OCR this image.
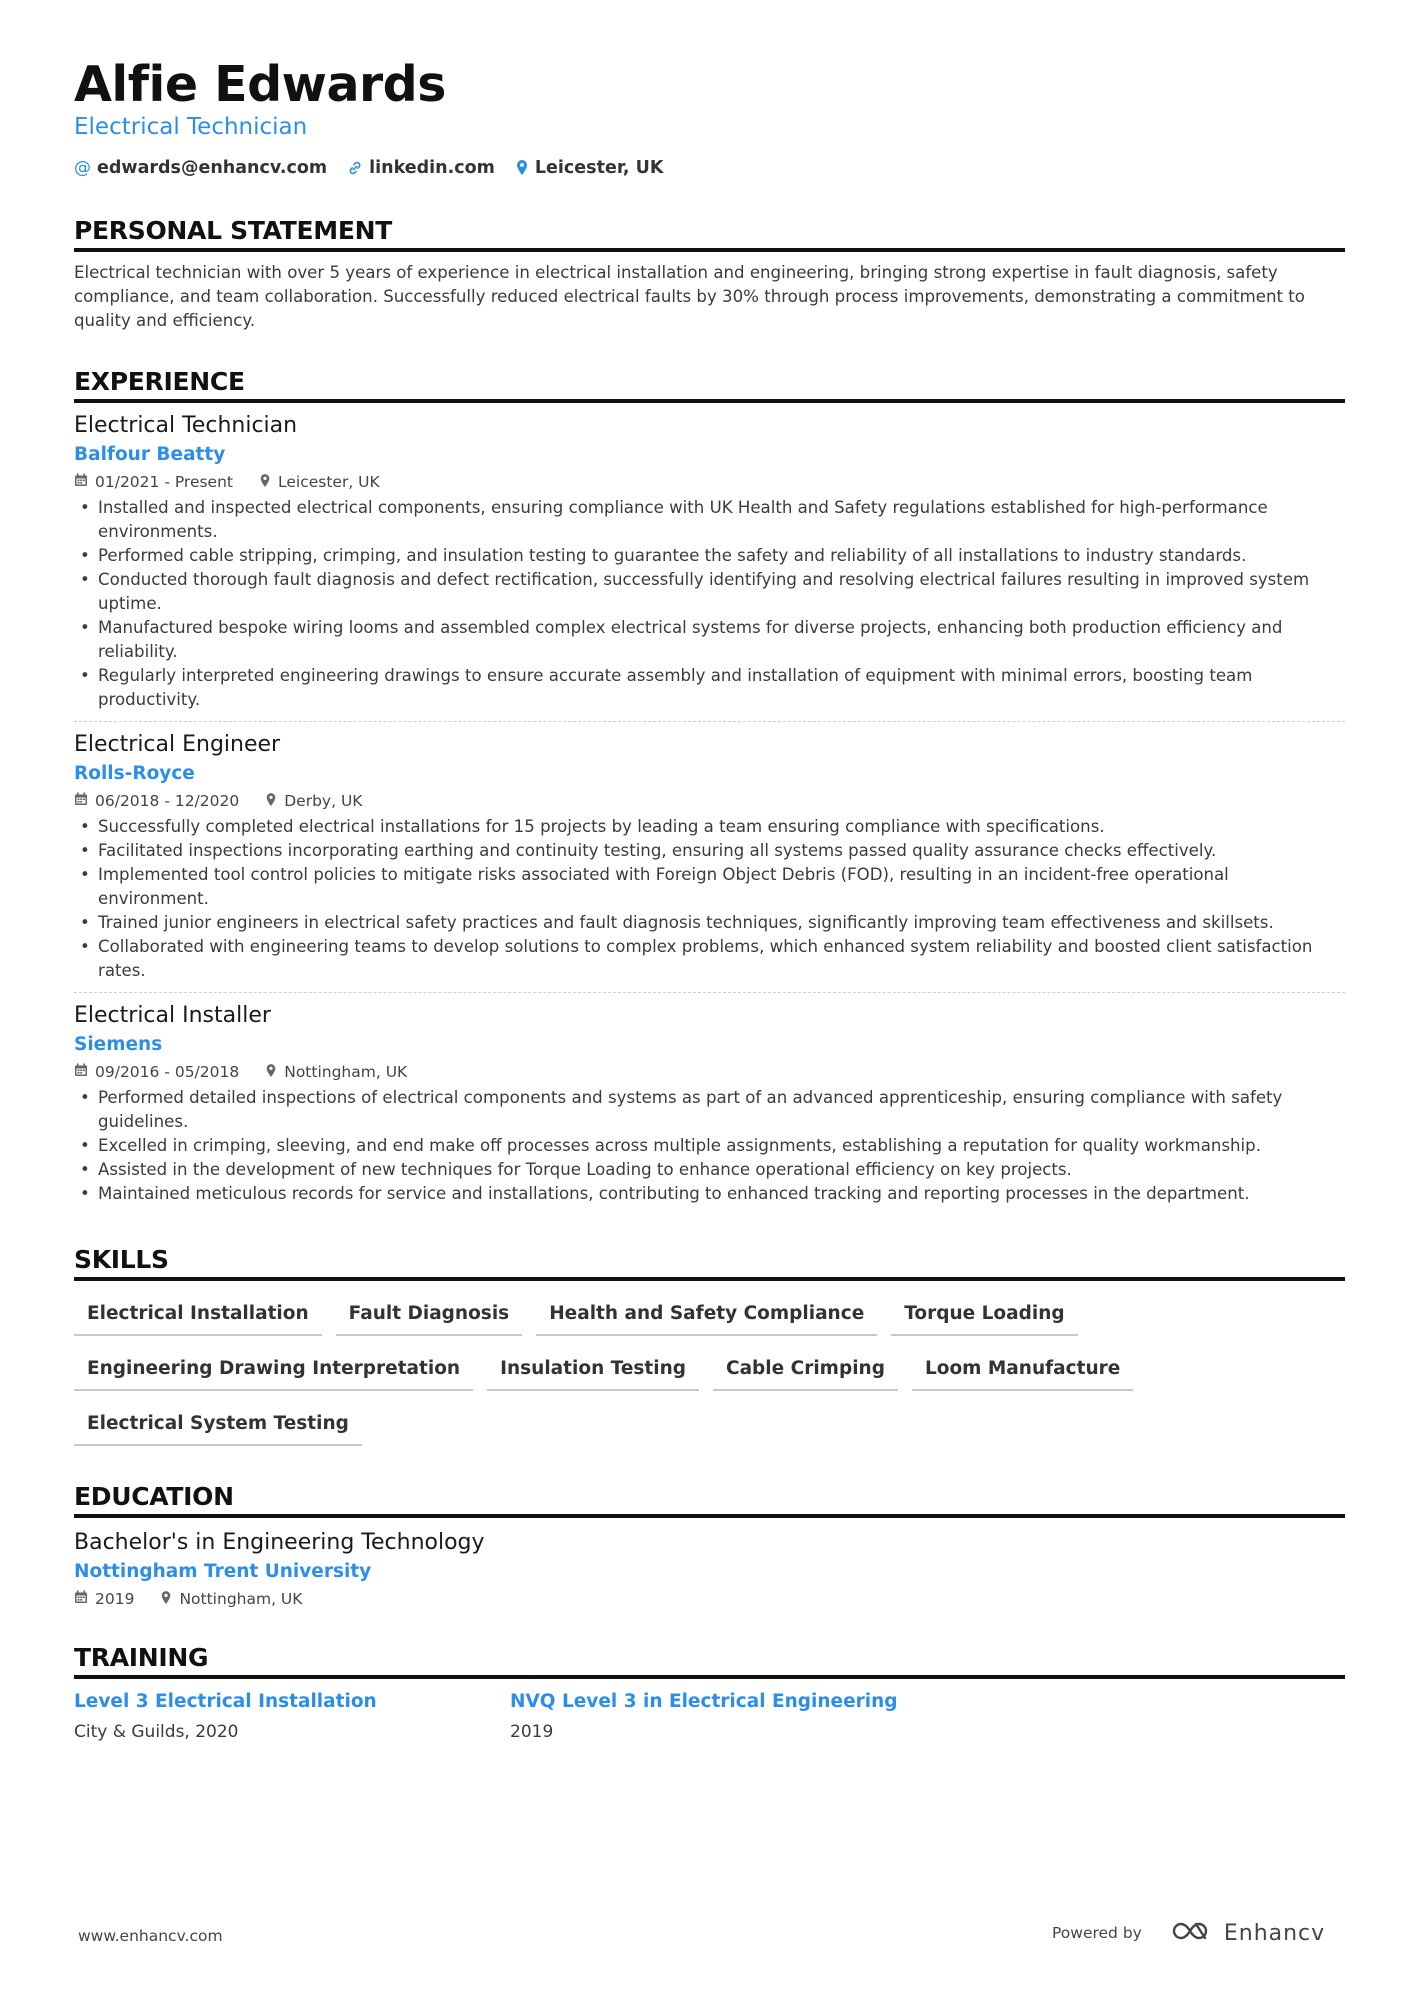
Alfie Edwards
Electrical Technician
@ edwards@enhancv.com linkedin.com Leicester, UK
PERSONAL STATEMENT
Electrical technician with over 5 years of experience in electrical installation and engineering, bringing strong expertise in fault diagnosis, safety compliance, and team collaboration. Successfully reduced electrical faults by 30% through process improvements, demonstrating a commitment to quality and efficiency.
EXPERIENCE
Electrical Technician
Balfour Beatty
01/2021 - Present	Leicester, UK
• Installed and inspected electrical components, ensuring compliance with UK Health and Safety regulations established for high-performance environments.
• Performed cable stripping, crimping, and insulation testing to guarantee the safety and reliability of all installations to industry standards.
• Conducted thorough fault diagnosis and defect rectification, successfully identifying and resolving electrical failures resulting in improved system uptime.
• Manufactured bespoke wiring looms and assembled complex electrical systems for diverse projects, enhancing both production efficiency and reliability.
• Regularly interpreted engineering drawings to ensure accurate assembly and installation of equipment with minimal errors, boosting team productivity.
Electrical Engineer
Rolls-Royce
06/2018 - 12/2020	Derby, UK
• Successfully completed electrical installations for 15 projects by leading a team ensuring compliance with specifications.
• Facilitated inspections incorporating earthing and continuity testing, ensuring all systems passed quality assurance checks effectively.
• Implemented tool control policies to mitigate risks associated with Foreign Object Debris (FOD), resulting in an incident-free operational environment.
• Trained junior engineers in electrical safety practices and fault diagnosis techniques, significantly improving team effectiveness and skillsets.
• Collaborated with engineering teams to develop solutions to complex problems, which enhanced system reliability and boosted client satisfaction rates.
Electrical Installer
Siemens
09/2016 - 05/2018	Nottingham, UK
• Performed detailed inspections of electrical components and systems as part of an advanced apprenticeship, ensuring compliance with safety guidelines.
• Excelled in crimping, sleeving, and end make off processes across multiple assignments, establishing a reputation for quality workmanship.
• Assisted in the development of new techniques for Torque Loading to enhance operational efficiency on key projects.
• Maintained meticulous records for service and installations, contributing to enhanced tracking and reporting processes in the department.
SKILLS
Electrical Installation	Fault Diagnosis	Health and Safety Compliance	Torque Loading
Engineering Drawing Interpretation	Insulation Testing	Cable Crimping	Loom Manufacture
Electrical System Testing
EDUCATION
Bachelor's in Engineering Technology
Nottingham Trent University
2019	Nottingham, UK
TRAINING
Level 3 Electrical Installation
City & Guilds, 2020
NVQ Level 3 in Electrical Engineering
2019
www.enhancv.com	Powered by	Enhancv
